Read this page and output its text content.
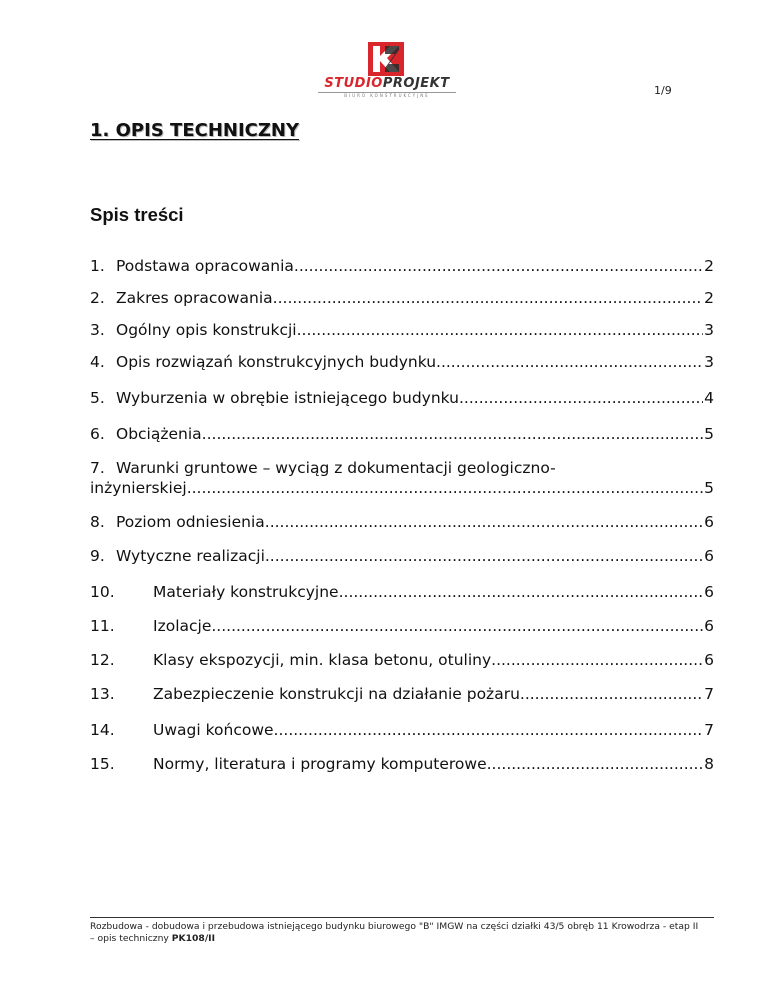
STUDIOPROJEKT
BIURO KONSTRUKCYJNE	1/9
1. OPIS TECHNICZNY
Spis treści
1. Podstawa opracowania. .....	2
2. Zakres opracowania. .....	2
3. Ogólny opis konstrukcji. .....	3
4. Opis rozwiązań konstrukcyjnych budynku .....	3
5. Wyburzenia w obrębie istniejącego budynku .....	4
6. Obciążenia .....	5
7. Warunki gruntowe – wyciąg z dokumentacji geologiczno-
inżynierskiej .....	5
8. Poziom odniesienia .....	6
9. Wytyczne realizacji .....	6
10.	Materiały konstrukcyjne .....	6
11.	Izolacje .....	6
12.	Klasy ekspozycji, min. klasa betonu, otuliny .....	6
13.	Zabezpieczenie konstrukcji na działanie pożaru .....	7
14.	Uwagi końcowe .....	7
15.	Normy, literatura i programy komputerowe. .....	8
Rozbudowa - dobudowa i przebudowa istniejącego budynku biurowego "B" IMGW na części działki 43/5 obręb 11 Krowodrza - etap II – opis techniczny PK108/II
